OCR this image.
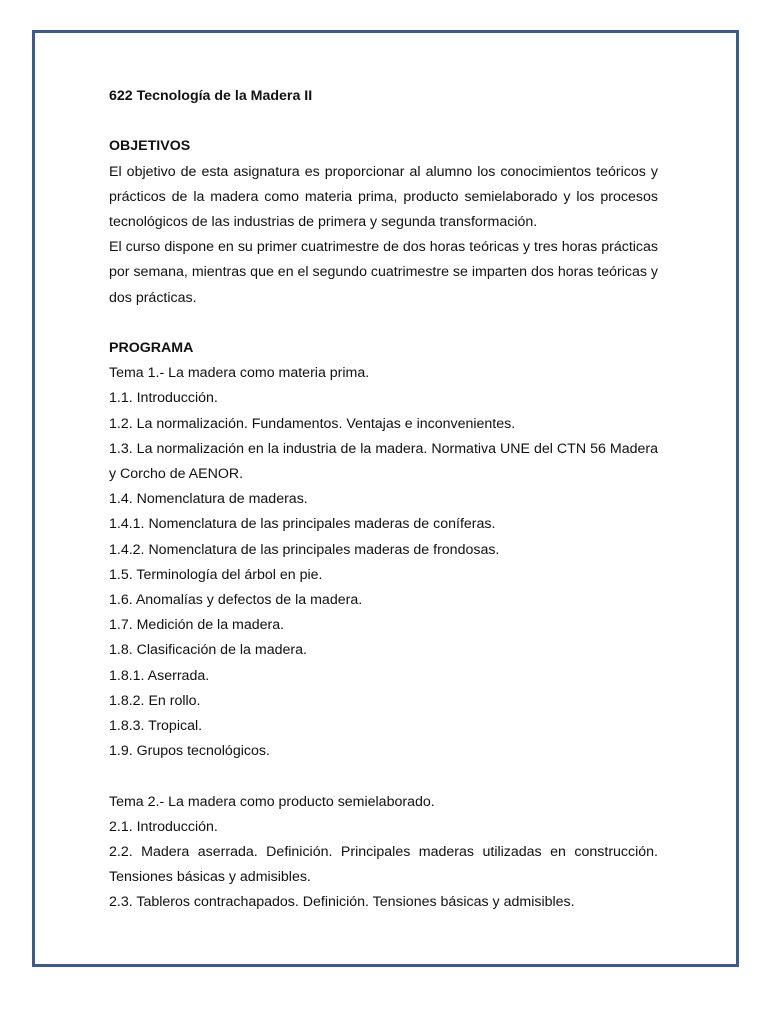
622 Tecnología de la Madera II

OBJETIVOS

El objetivo de esta asignatura es proporcionar al alumno los conocimientos teóricos y prácticos de la madera como materia prima, producto semielaborado y los procesos tecnológicos de las industrias de primera y segunda transformación.

El curso dispone en su primer cuatrimestre de dos horas teóricas y tres horas prácticas por semana, mientras que en el segundo cuatrimestre se imparten dos horas teóricas y dos prácticas.

PROGRAMA

Tema 1.- La madera como materia prima.

1.1. Introducción.

1.2. La normalización. Fundamentos. Ventajas e inconvenientes.

1.3. La normalización en la industria de la madera. Normativa UNE del CTN 56 Madera y Corcho de AENOR.

1.4. Nomenclatura de maderas.

1.4.1. Nomenclatura de las principales maderas de coníferas.

1.4.2. Nomenclatura de las principales maderas de frondosas.

1.5. Terminología del árbol en pie.

1.6. Anomalías y defectos de la madera.

1.7. Medición de la madera.

1.8. Clasificación de la madera.

1.8.1. Aserrada.

1.8.2. En rollo.

1.8.3. Tropical.

1.9. Grupos tecnológicos.

Tema 2.- La madera como producto semielaborado.

2.1. Introducción.

2.2. Madera aserrada. Definición. Principales maderas utilizadas en construcción. Tensiones básicas y admisibles.

2.3. Tableros contrachapados. Definición. Tensiones básicas y admisibles.
